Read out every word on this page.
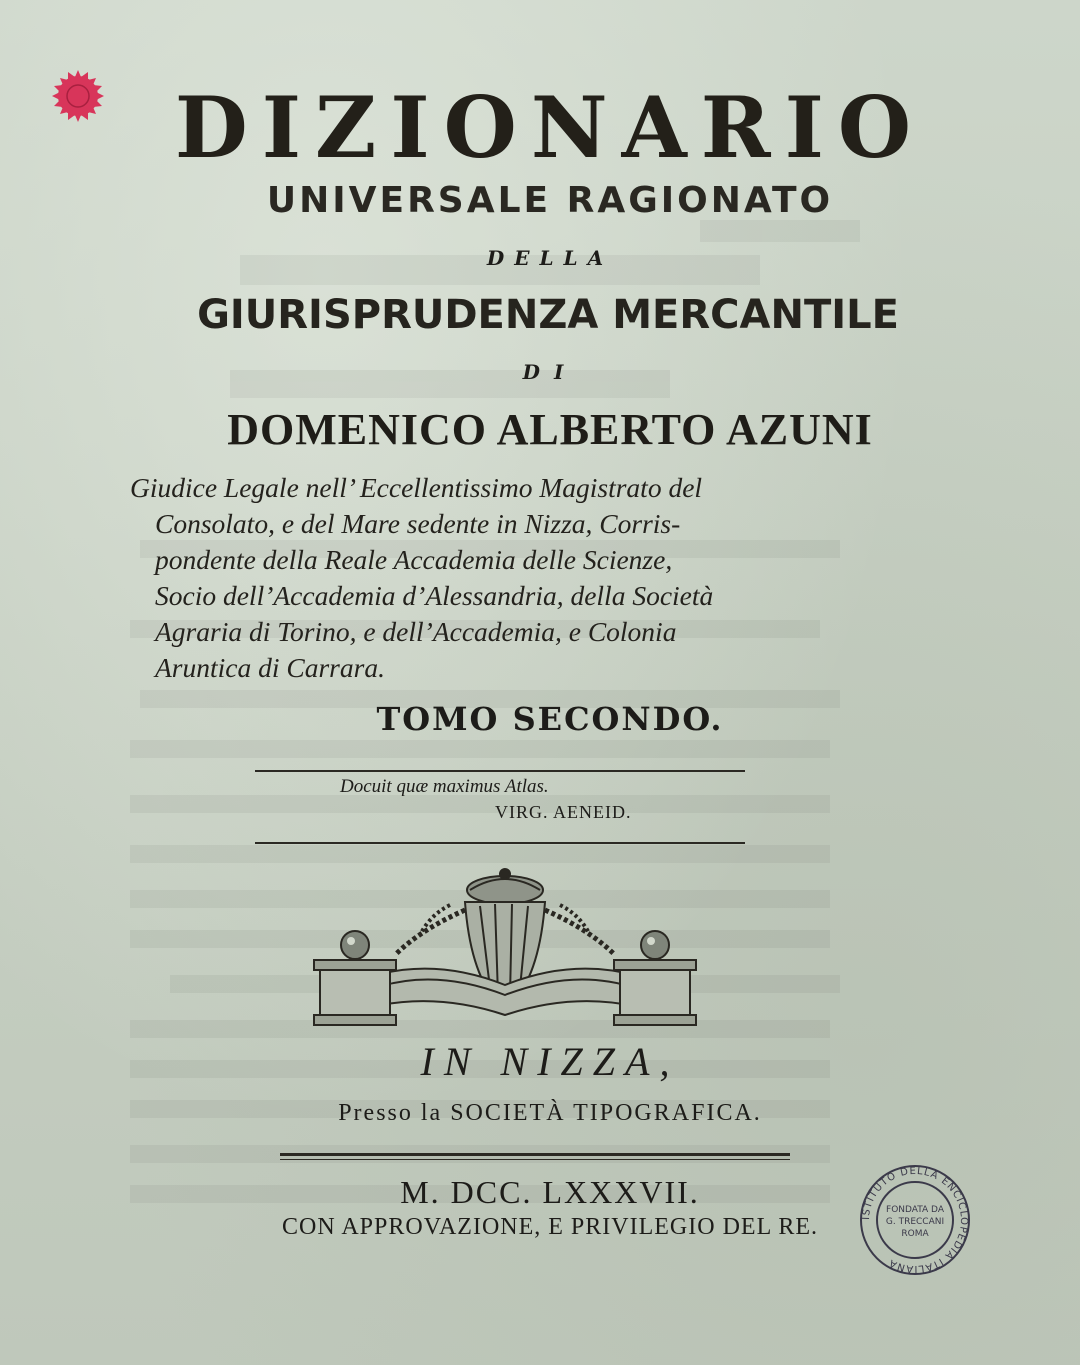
DIZIONARIO
UNIVERSALE RAGIONATO
DELLA
GIURISPRUDENZA MERCANTILE
DI
DOMENICO ALBERTO AZUNI
Giudice Legale nell’ Eccellentissimo Magistrato del
Consolato, e del Mare sedente in Nizza, Corris-
pondente della Reale Accademia delle Scienze,
Socio dell’Accademia d’Alessandria, della Società
Agraria di Torino, e dell’Accademia, e Colonia
Aruntica di Carrara.
TOMO SECONDO.
Docuit quæ maximus Atlas.
VIRG. AENEID.
IN NIZZA,
Presso la SOCIETÀ TIPOGRAFICA.
M. DCC. LXXXVII.
CON APPROVAZIONE, E PRIVILEGIO DEL RE.	ISTITUTO DELLA ENCICLOPEDIA ITALIANA
FONDATA DA
G. TRECCANI
ROMA
